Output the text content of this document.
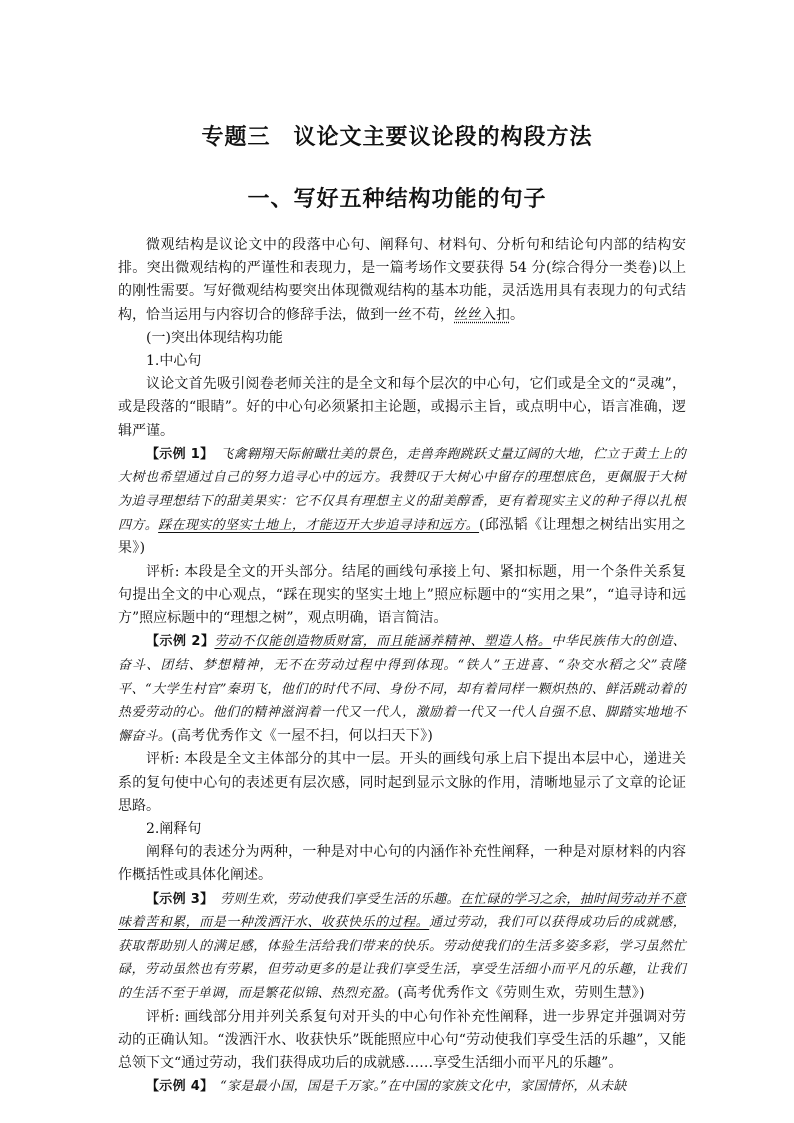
专题三　议论文主要议论段的构段方法
一、写好五种结构功能的句子

微观结构是议论文中的段落中心句、阐释句、材料句、分析句和结论句内部的结构安排。突出微观结构的严谨性和表现力，是一篇考场作文要获得 54 分(综合得分一类卷)以上的刚性需要。写好微观结构要突出体现微观结构的基本功能，灵活选用具有表现力的句式结构，恰当运用与内容切合的修辞手法，做到一丝不苟，丝丝入扣。

(一)突出体现结构功能

1.中心句

议论文首先吸引阅卷老师关注的是全文和每个层次的中心句，它们或是全文的“灵魂”，或是段落的“眼睛”。好的中心句必须紧扣主论题，或揭示主旨，或点明中心，语言准确，逻辑严谨。

【示例 1】　飞禽翱翔天际俯瞰壮美的景色，走兽奔跑跳跃丈量辽阔的大地，伫立于黄土上的大树也希望通过自己的努力追寻心中的远方。我赞叹于大树心中留存的理想底色，更佩服于大树为追寻理想结下的甜美果实：它不仅具有理想主义的甜美醇香，更有着现实主义的种子得以扎根四方。踩在现实的坚实土地上，才能迈开大步追寻诗和远方。(邱泓韬《让理想之树结出实用之果》)

评析: 本段是全文的开头部分。结尾的画线句承接上句、紧扣标题，用一个条件关系复句提出全文的中心观点，“踩在现实的坚实土地上”照应标题中的“实用之果”，“追寻诗和远方”照应标题中的“理想之树”，观点明确，语言简洁。

【示例 2】劳动不仅能创造物质财富，而且能涵养精神、塑造人格。中华民族伟大的创造、奋斗、团结、梦想精神，无不在劳动过程中得到体现。“铁人”王进喜、“杂交水稻之父”袁隆平、“大学生村官”秦玥飞，他们的时代不同、身份不同，却有着同样一颗炽热的、鲜活跳动着的热爱劳动的心。他们的精神滋润着一代又一代人，激励着一代又一代人自强不息、脚踏实地地不懈奋斗。(高考优秀作文《一屋不扫，何以扫天下》)

评析: 本段是全文主体部分的其中一层。开头的画线句承上启下提出本层中心，递进关系的复句使中心句的表述更有层次感，同时起到显示文脉的作用，清晰地显示了文章的论证思路。

2.阐释句

阐释句的表述分为两种，一种是对中心句的内涵作补充性阐释，一种是对原材料的内容作概括性或具体化阐述。

【示例 3】　劳则生欢，劳动使我们享受生活的乐趣。在忙碌的学习之余，抽时间劳动并不意味着苦和累，而是一种泼洒汗水、收获快乐的过程。通过劳动，我们可以获得成功后的成就感，获取帮助别人的满足感，体验生活给我们带来的快乐。劳动使我们的生活多姿多彩，学习虽然忙碌，劳动虽然也有劳累，但劳动更多的是让我们享受生活，享受生活细小而平凡的乐趣，让我们的生活不至于单调，而是繁花似锦、热烈充盈。(高考优秀作文《劳则生欢，劳则生慧》)

评析: 画线部分用并列关系复句对开头的中心句作补充性阐释，进一步界定并强调对劳动的正确认知。“泼洒汗水、收获快乐”既能照应中心句“劳动使我们享受生活的乐趣”，又能总领下文“通过劳动，我们获得成功后的成就感……享受生活细小而平凡的乐趣”。

【示例 4】　“家是最小国，国是千万家。”在中国的家族文化中，家国情怀，从未缺
